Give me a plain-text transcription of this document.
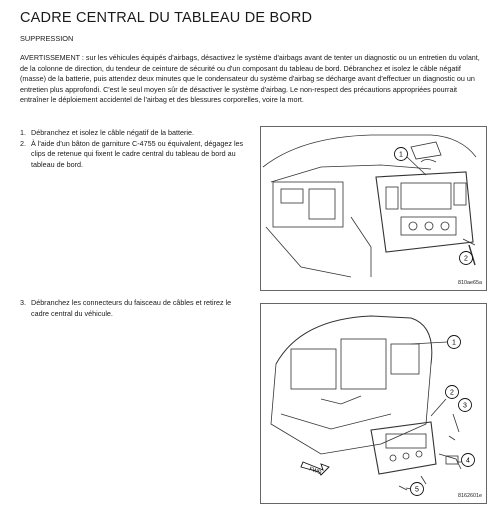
CADRE CENTRAL DU TABLEAU DE BORD
SUPPRESSION
AVERTISSEMENT : sur les véhicules équipés d'airbags, désactivez le système d'airbags avant de tenter un diagnostic ou un entretien du volant, de la colonne de direction, du tendeur de ceinture de sécurité ou d'un composant du tableau de bord. Débranchez et isolez le câble négatif (masse) de la batterie, puis attendez deux minutes que le condensateur du système d'airbag se décharge avant d'effectuer un diagnostic ou un entretien plus approfondi. C'est le seul moyen sûr de désactiver le système d'airbag. Le non-respect des précautions appropriées pourrait entraîner le déploiement accidentel de l'airbag et des blessures corporelles, voire la mort.
1. Débranchez et isolez le câble négatif de la batterie.
2. À l'aide d'un bâton de garniture C-4755 ou équivalent, dégagez les clips de retenue qui fixent le cadre central du tableau de bord au tableau de bord.
3. Débranchez les connecteurs du faisceau de câbles et retirez le cadre central du véhicule.
1
2
810ae65a
FWD
1
2
3
4
5
8162601e
